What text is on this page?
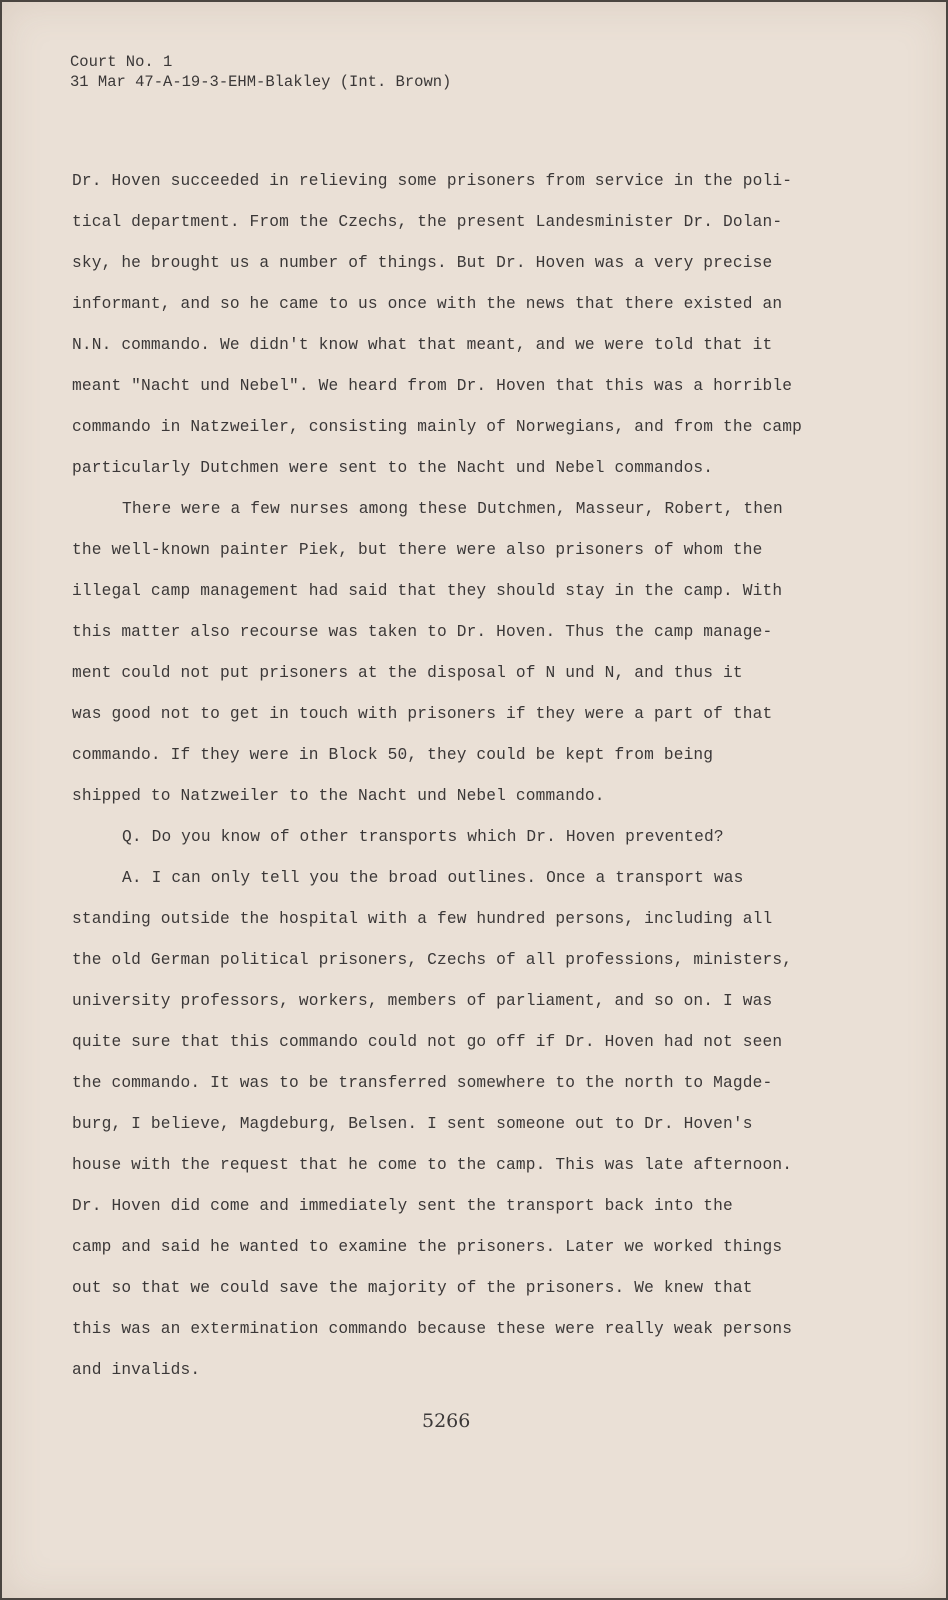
Court No. 1
31 Mar 47-A-19-3-EHM-Blakley (Int. Brown)
Dr. Hoven succeeded in relieving some prisoners from service in the poli-
tical department. From the Czechs, the present Landesminister Dr. Dolan-
sky, he brought us a number of things. But Dr. Hoven was a very precise
informant, and so he came to us once with the news that there existed an
N.N. commando. We didn't know what that meant, and we were told that it
meant "Nacht und Nebel". We heard from Dr. Hoven that this was a horrible
commando in Natzweiler, consisting mainly of Norwegians, and from the camp
particularly Dutchmen were sent to the Nacht und Nebel commandos.
There were a few nurses among these Dutchmen, Masseur, Robert, then
the well-known painter Piek, but there were also prisoners of whom the
illegal camp management had said that they should stay in the camp. With
this matter also recourse was taken to Dr. Hoven. Thus the camp manage-
ment could not put prisoners at the disposal of N und N, and thus it
was good not to get in touch with prisoners if they were a part of that
commando. If they were in Block 50, they could be kept from being
shipped to Natzweiler to the Nacht und Nebel commando.
Q. Do you know of other transports which Dr. Hoven prevented?
A. I can only tell you the broad outlines. Once a transport was
standing outside the hospital with a few hundred persons, including all
the old German political prisoners, Czechs of all professions, ministers,
university professors, workers, members of parliament, and so on. I was
quite sure that this commando could not go off if Dr. Hoven had not seen
the commando. It was to be transferred somewhere to the north to Magde-
burg, I believe, Magdeburg, Belsen. I sent someone out to Dr. Hoven's
house with the request that he come to the camp. This was late afternoon.
Dr. Hoven did come and immediately sent the transport back into the
camp and said he wanted to examine the prisoners. Later we worked things
out so that we could save the majority of the prisoners. We knew that
this was an extermination commando because these were really weak persons
and invalids.
5266
